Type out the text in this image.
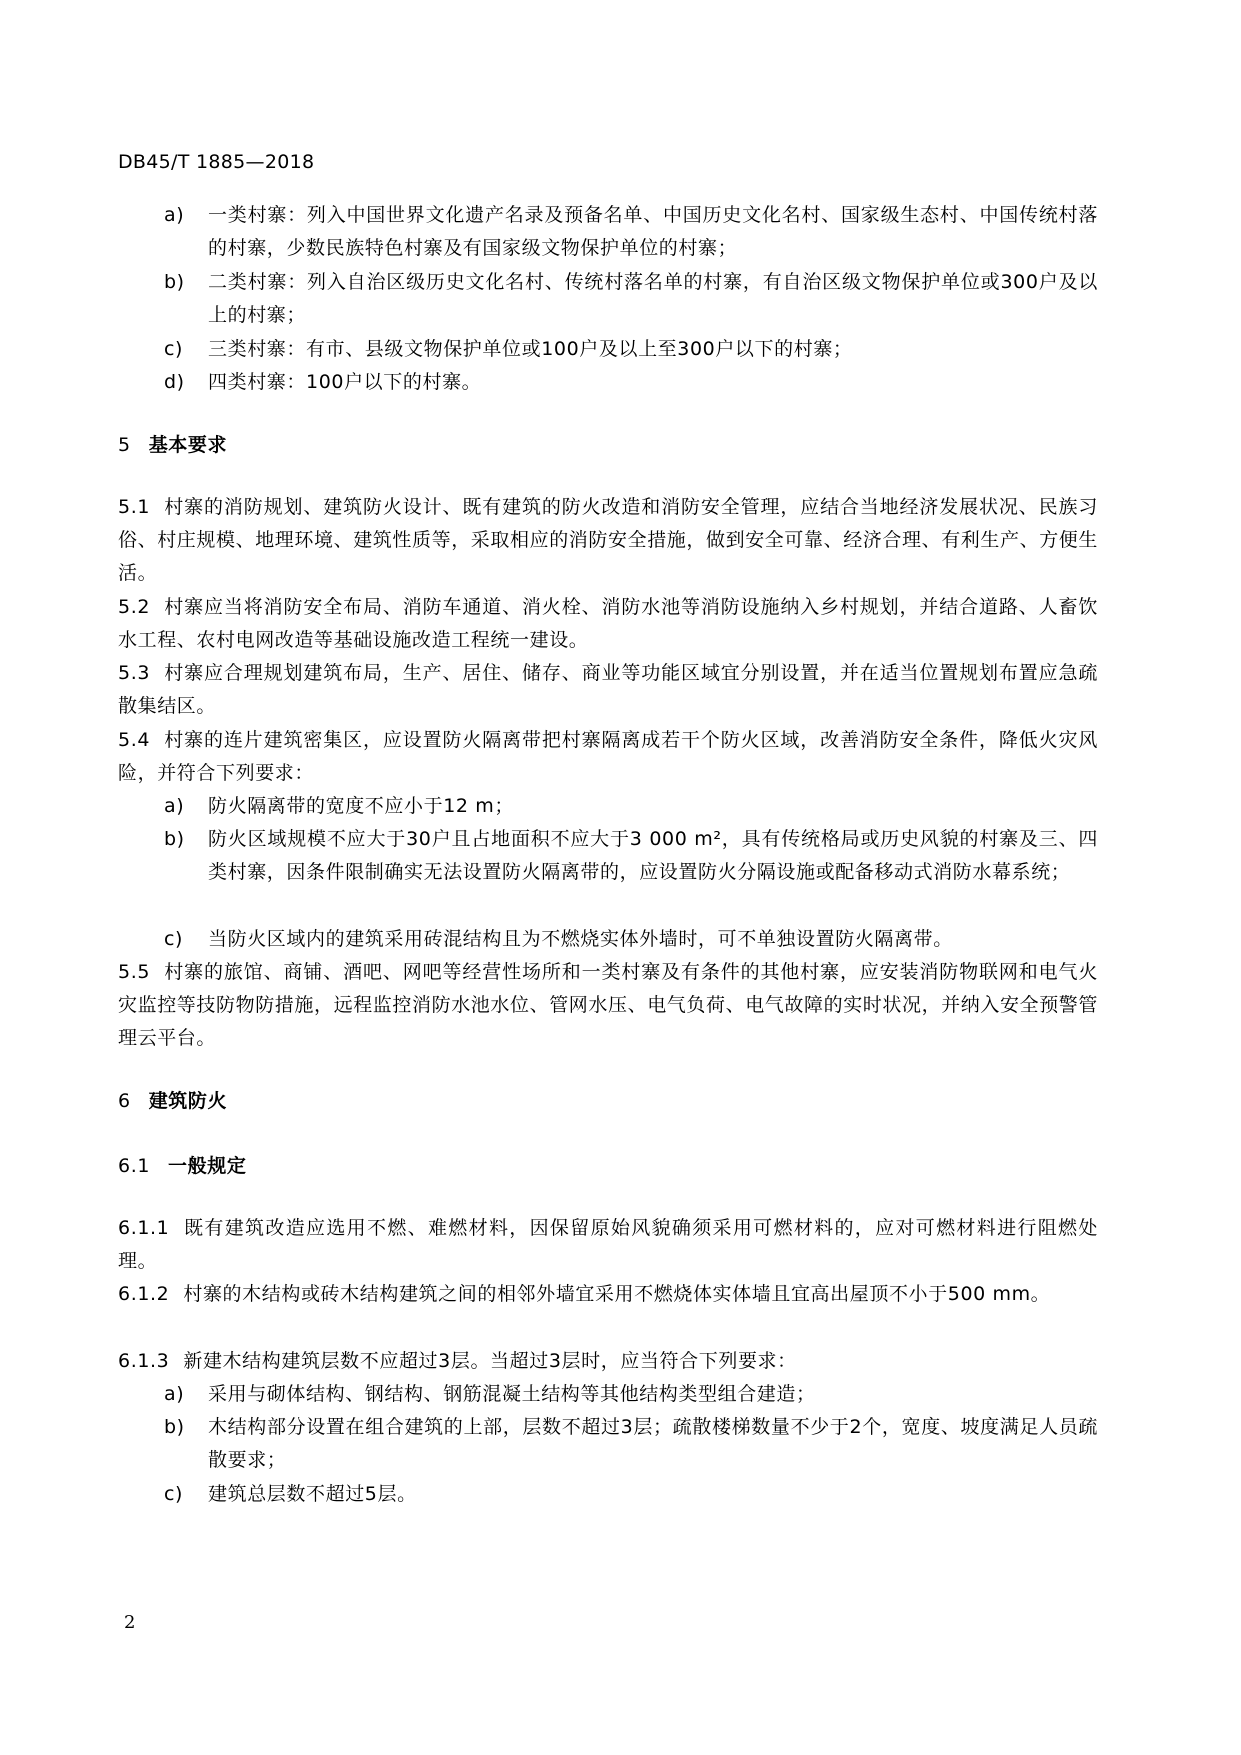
DB45/T 1885—2018
a)	一类村寨：列入中国世界文化遗产名录及预备名单、中国历史文化名村、国家级生态村、中国传统村落的村寨，少数民族特色村寨及有国家级文物保护单位的村寨；
b)	二类村寨：列入自治区级历史文化名村、传统村落名单的村寨，有自治区级文物保护单位或300户及以上的村寨；
c)	三类村寨：有市、县级文物保护单位或100户及以上至300户以下的村寨；
d)	四类村寨：100户以下的村寨。
5 基本要求
5.1 村寨的消防规划、建筑防火设计、既有建筑的防火改造和消防安全管理，应结合当地经济发展状况、民族习俗、村庄规模、地理环境、建筑性质等，采取相应的消防安全措施，做到安全可靠、经济合理、有利生产、方便生活。
5.2 村寨应当将消防安全布局、消防车通道、消火栓、消防水池等消防设施纳入乡村规划，并结合道路、人畜饮水工程、农村电网改造等基础设施改造工程统一建设。
5.3 村寨应合理规划建筑布局，生产、居住、储存、商业等功能区域宜分别设置，并在适当位置规划布置应急疏散集结区。
5.4 村寨的连片建筑密集区，应设置防火隔离带把村寨隔离成若干个防火区域，改善消防安全条件，降低火灾风险，并符合下列要求：
a)	防火隔离带的宽度不应小于12 m；
b)	防火区域规模不应大于30户且占地面积不应大于3 000 m²，具有传统格局或历史风貌的村寨及三、四类村寨，因条件限制确实无法设置防火隔离带的，应设置防火分隔设施或配备移动式消防水幕系统；
c)	当防火区域内的建筑采用砖混结构且为不燃烧实体外墙时，可不单独设置防火隔离带。
5.5 村寨的旅馆、商铺、酒吧、网吧等经营性场所和一类村寨及有条件的其他村寨，应安装消防物联网和电气火灾监控等技防物防措施，远程监控消防水池水位、管网水压、电气负荷、电气故障的实时状况，并纳入安全预警管理云平台。
6 建筑防火
6.1 一般规定
6.1.1 既有建筑改造应选用不燃、难燃材料，因保留原始风貌确须采用可燃材料的，应对可燃材料进行阻燃处理。
6.1.2 村寨的木结构或砖木结构建筑之间的相邻外墙宜采用不燃烧体实体墙且宜高出屋顶不小于500 mm。
6.1.3 新建木结构建筑层数不应超过3层。当超过3层时，应当符合下列要求：
a)	采用与砌体结构、钢结构、钢筋混凝土结构等其他结构类型组合建造；
b)	木结构部分设置在组合建筑的上部，层数不超过3层；疏散楼梯数量不少于2个，宽度、坡度满足人员疏散要求；
c)	建筑总层数不超过5层。
2
